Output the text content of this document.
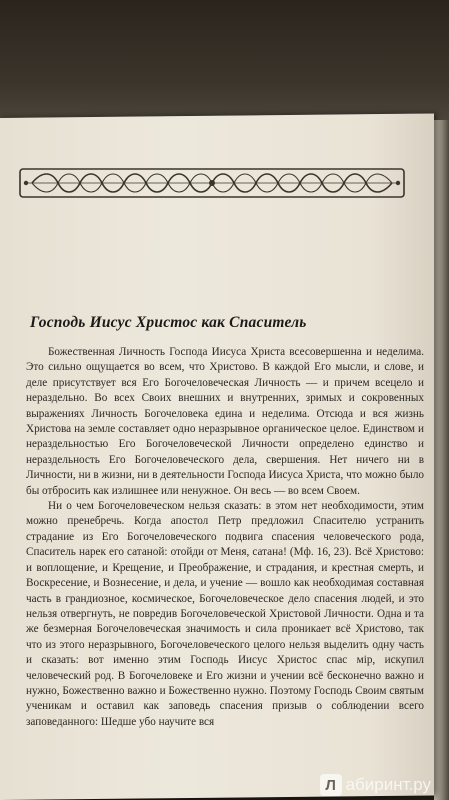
Господь Иисус Христос как Спаситель

Божественная Личность Господа Иисуса Христа всесовершенна и неделима. Это сильно ощущается во всем, что Христово. В каждой Его мысли, и слове, и деле присутствует вся Его Богочеловеческая Личность — и причем всецело и нераздельно. Во всех Своих внешних и внутренних, зримых и сокровенных выражениях Личность Богочеловека едина и неделима. Отсюда и вся жизнь Христова на земле составляет одно неразрывное органическое целое. Единством и нераздельностью Его Богочеловеческой Личности определено единство и нераздельность Его Богочеловеческого дела, свершения. Нет ничего ни в Личности, ни в жизни, ни в деятельности Господа Иисуса Христа, что можно было бы отбросить как излишнее или ненужное. Он весь — во всем Своем.

Ни о чем Богочеловеческом нельзя сказать: в этом нет необходимости, этим можно пренебречь. Когда апостол Петр предложил Спасителю устранить страдание из Его Богочеловеческого подвига спасения человеческого рода, Спаситель нарек его сатаной: отойди от Меня, сатана! (Мф. 16, 23). Всё Христово: и воплощение, и Крещение, и Преображение, и страдания, и крестная смерть, и Воскресение, и Вознесение, и дела, и учение — вошло как необходимая составная часть в грандиозное, космическое, Богочеловеческое дело спасения людей, и это нельзя отвергнуть, не повредив Богочеловеческой Христовой Личности. Одна и та же безмерная Богочеловеческая значимость и сила проникает всё Христово, так что из этого неразрывного, Богочеловеческого целого нельзя выделить одну часть и сказать: вот именно этим Господь Иисус Христос спас мір, искупил человеческий род. В Богочеловеке и Его жизни и учении всё бесконечно важно и нужно, Божественно важно и Божественно нужно. Поэтому Господь Своим святым ученикам и оставил как заповедь спасения призыв о соблюдении всего заповеданного: Шедше убо научите вся

Л абиринт.ру
